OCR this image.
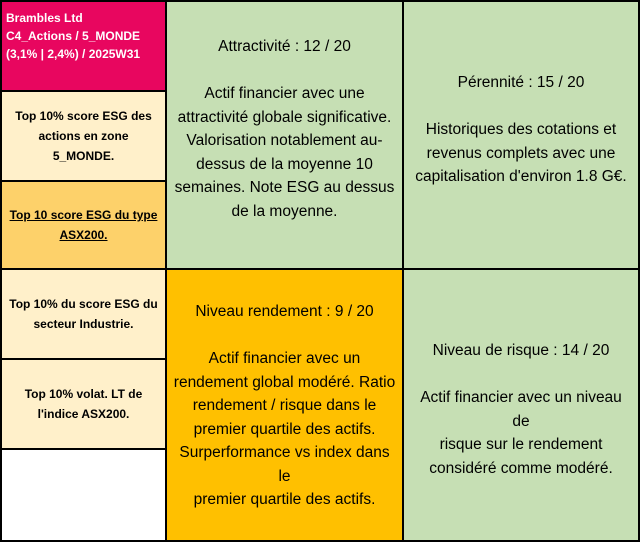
Brambles Ltd
C4_Actions / 5_MONDE
(3,1% | 2,4%) / 2025W31
Top 10% score ESG des actions en zone 5_MONDE.
Top 10 score ESG du type ASX200.
Top 10% du score ESG du secteur Industrie.
Top 10% volat. LT de l'indice ASX200.
Attractivité : 12 / 20
Actif financier avec une
attractivité globale significative.
Valorisation notablement au-
dessus de la moyenne 10
semaines. Note ESG au dessus
de la moyenne.
Pérennité : 15 / 20
Historiques des cotations et
revenus complets avec une
capitalisation d'environ 1.8 G€.
Niveau rendement : 9 / 20
Actif financier avec un
rendement global modéré. Ratio
rendement / risque dans le
premier quartile des actifs.
Surperformance vs index dans le
premier quartile des actifs.
Niveau de risque : 14 / 20
Actif financier avec un niveau de
risque sur le rendement
considéré comme modéré.
